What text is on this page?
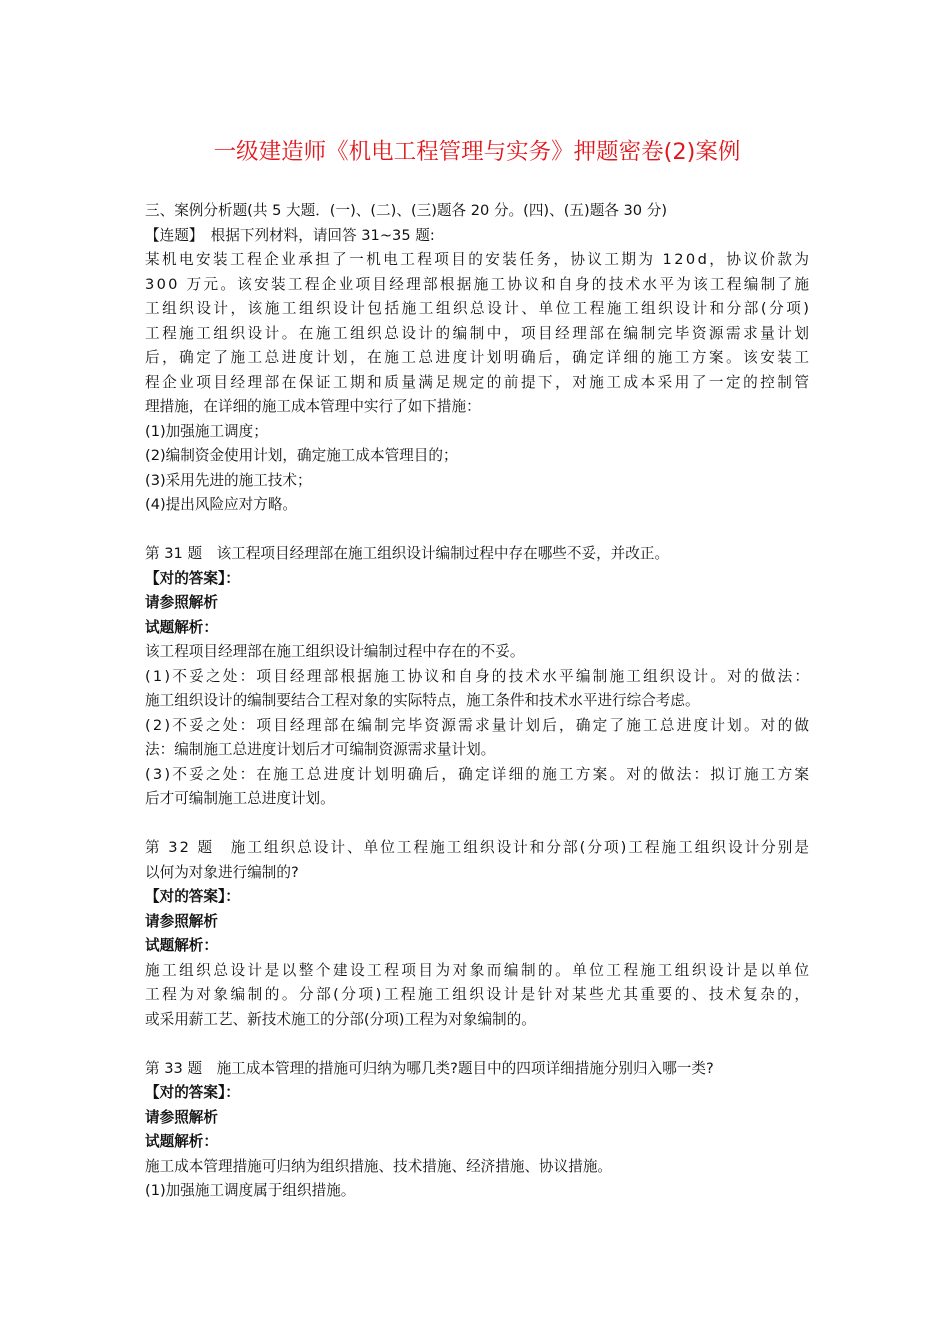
一级建造师《机电工程管理与实务》押题密卷(2)案例
三、案例分析题(共 5 大题．(一)、(二)、(三)题各 20 分。(四)、(五)题各 30 分)
【连题】　根据下列材料，请回答 31~35 题:
某机电安装工程企业承担了一机电工程项目的安装任务，协议工期为 120d，协议价款为
300 万元。该安装工程企业项目经理部根据施工协议和自身的技术水平为该工程编制了施
工组织设计，该施工组织设计包括施工组织总设计、单位工程施工组织设计和分部(分项)
工程施工组织设计。在施工组织总设计的编制中，项目经理部在编制完毕资源需求量计划
后，确定了施工总进度计划，在施工总进度计划明确后，确定详细的施工方案。该安装工
程企业项目经理部在保证工期和质量满足规定的前提下，对施工成本采用了一定的控制管
理措施，在详细的施工成本管理中实行了如下措施：
(1)加强施工调度；
(2)编制资金使用计划，确定施工成本管理目的；
(3)采用先进的施工技术；
(4)提出风险应对方略。
第 31 题　该工程项目经理部在施工组织设计编制过程中存在哪些不妥，并改正。
【对的答案】：
请参照解析
试题解析：
该工程项目经理部在施工组织设计编制过程中存在的不妥。
(1)不妥之处：项目经理部根据施工协议和自身的技术水平编制施工组织设计。对的做法：
施工组织设计的编制要结合工程对象的实际特点，施工条件和技术水平进行综合考虑。
(2)不妥之处：项目经理部在编制完毕资源需求量计划后，确定了施工总进度计划。对的做
法：编制施工总进度计划后才可编制资源需求量计划。
(3)不妥之处：在施工总进度计划明确后，确定详细的施工方案。对的做法：拟订施工方案
后才可编制施工总进度计划。
第 32 题　施工组织总设计、单位工程施工组织设计和分部(分项)工程施工组织设计分别是
以何为对象进行编制的?
【对的答案】：
请参照解析
试题解析：
施工组织总设计是以整个建设工程项目为对象而编制的。单位工程施工组织设计是以单位
工程为对象编制的。分部(分项)工程施工组织设计是针对某些尤其重要的、技术复杂的，
或采用薪工艺、新技术施工的分部(分项)工程为对象编制的。
第 33 题　施工成本管理的措施可归纳为哪几类?题目中的四项详细措施分别归入哪一类?
【对的答案】：
请参照解析
试题解析：
施工成本管理措施可归纳为组织措施、技术措施、经济措施、协议措施。
(1)加强施工调度属于组织措施。
